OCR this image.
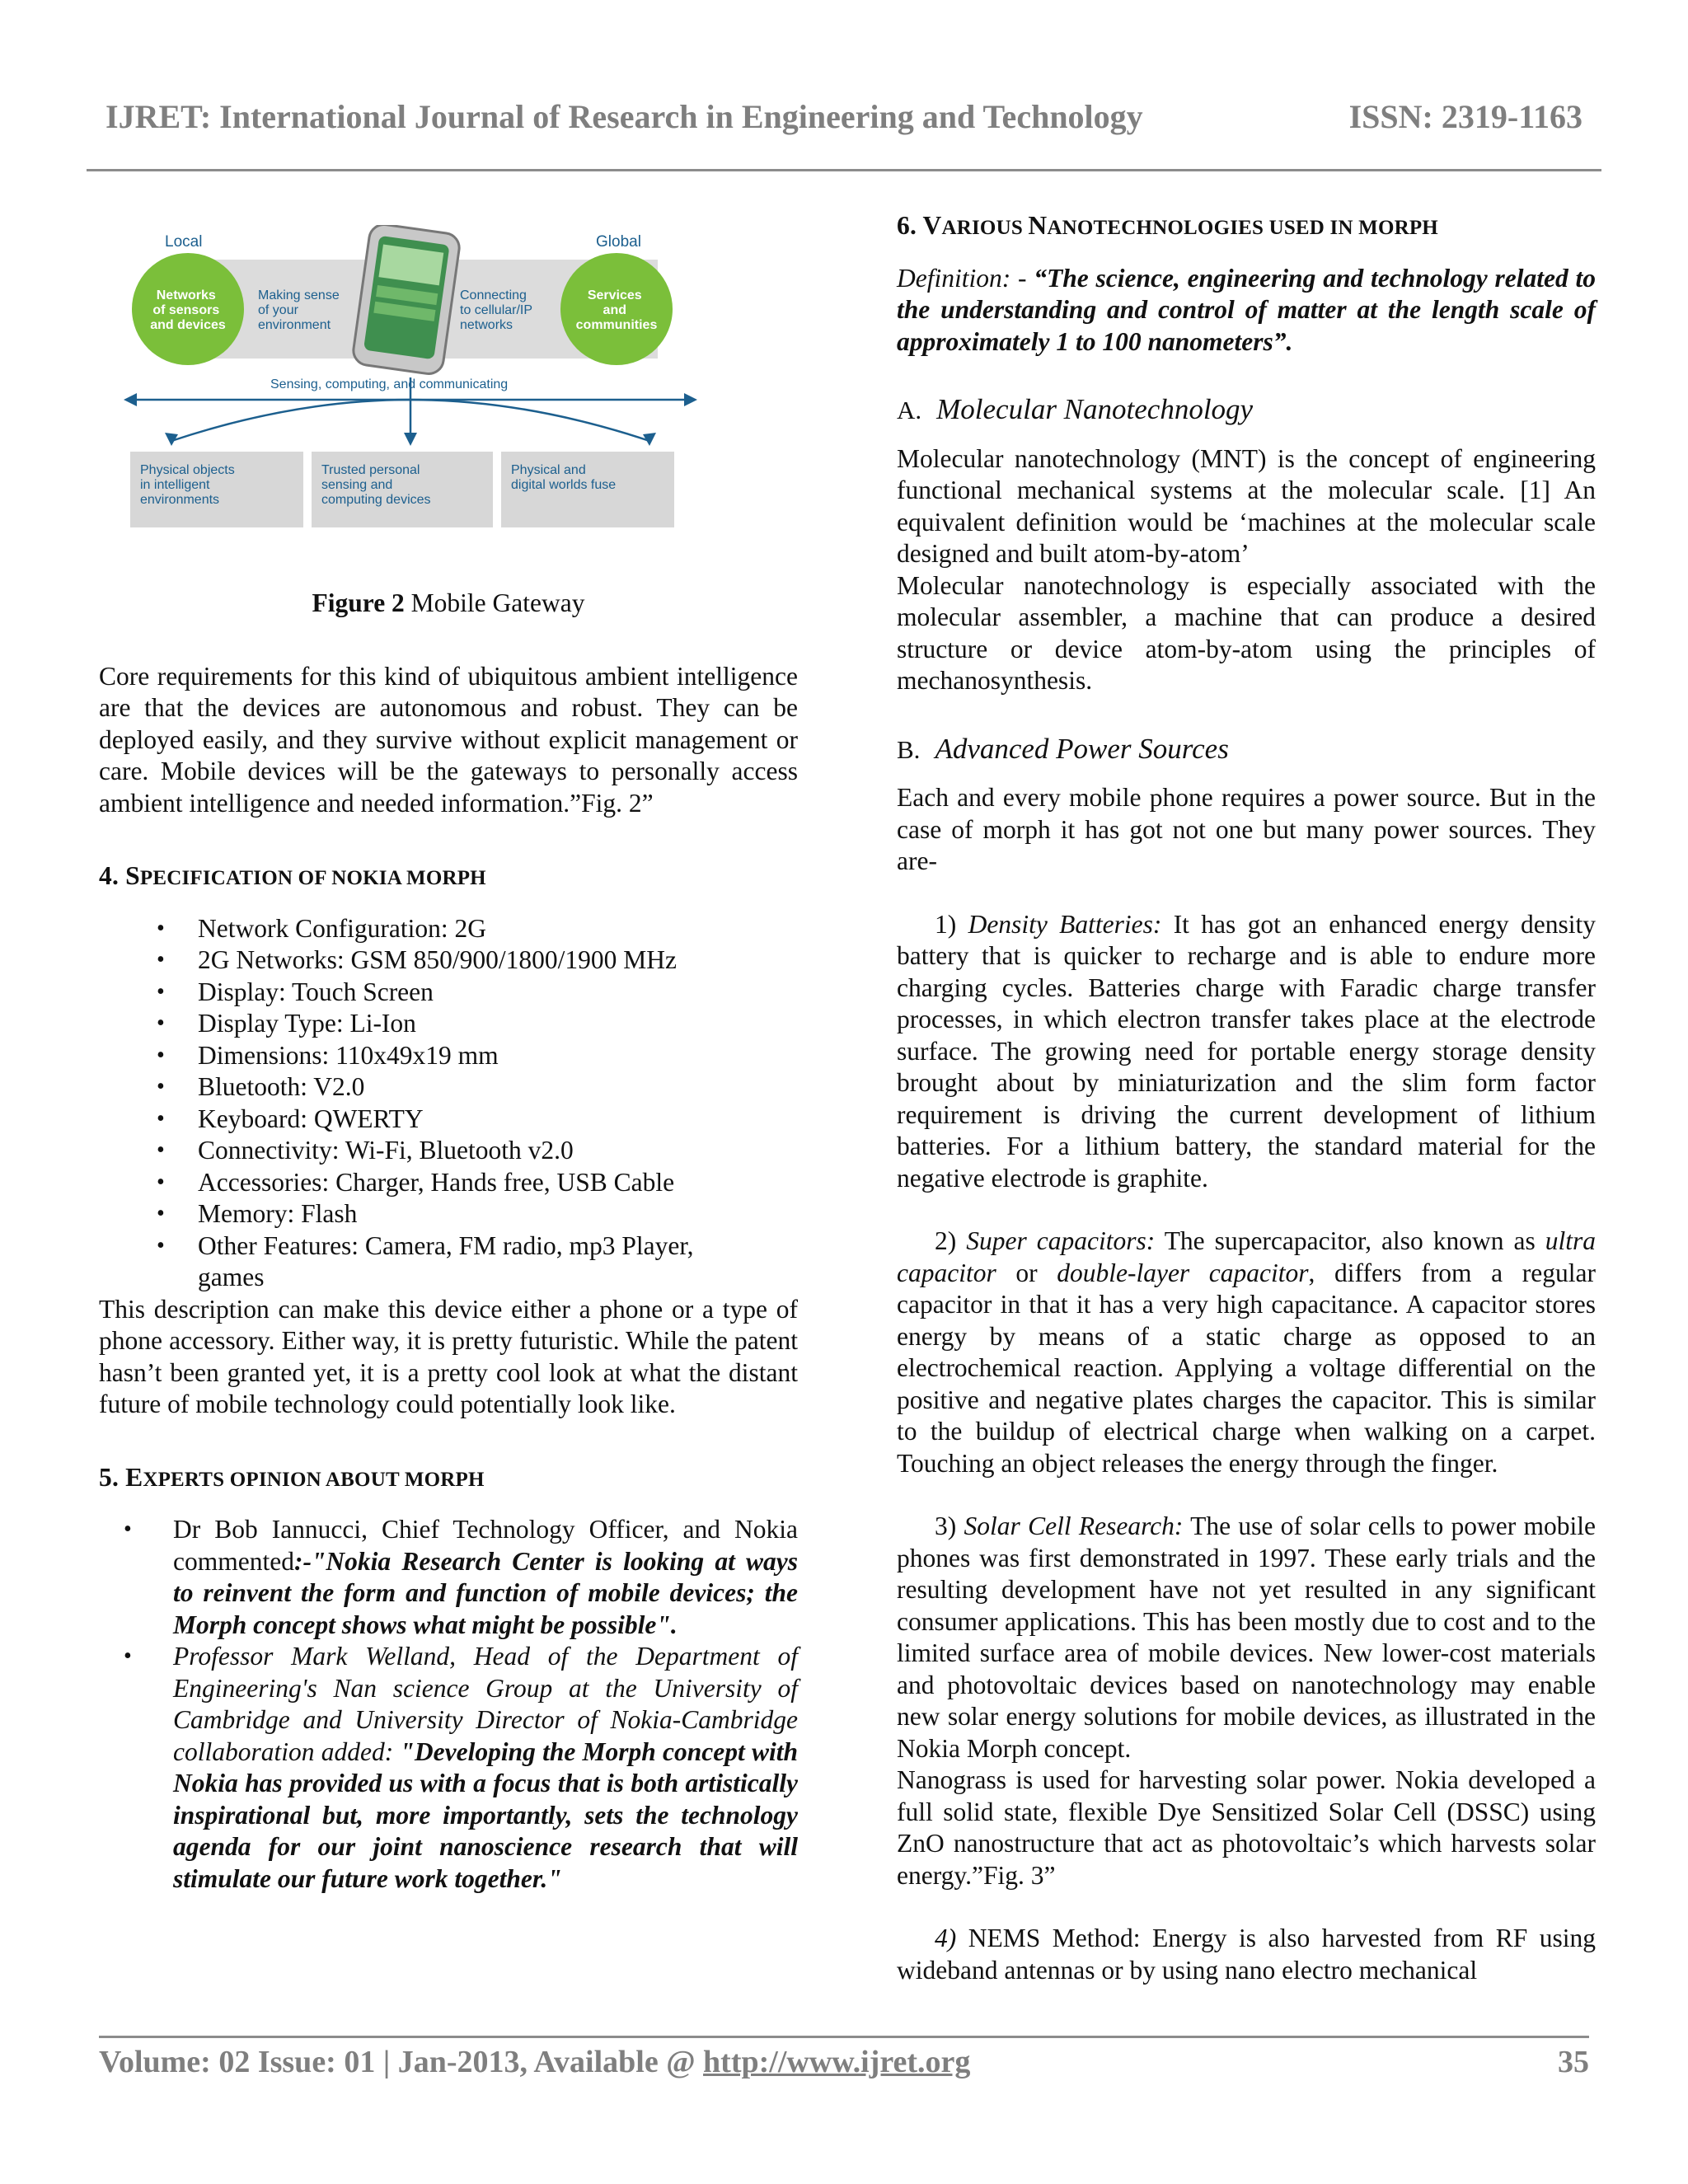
IJRET: International Journal of Research in Engineering and Technology	ISSN: 2319-1163
Local	Global
Networks of sensors and devices
Services and communities
Making sense of your environment
Connecting to cellular/IP networks
Sensing, computing, and communicating
Physical objects in intelligent environments
Trusted personal sensing and computing devices
Physical and digital worlds fuse

Figure 2 Mobile Gateway

Core requirements for this kind of ubiquitous ambient intelligence are that the devices are autonomous and robust. They can be deployed easily, and they survive without explicit management or care. Mobile devices will be the gateways to personally access ambient intelligence and needed information.”Fig. 2”

4. SPECIFICATION OF NOKIA MORPH
• Network Configuration: 2G
• 2G Networks: GSM 850/900/1800/1900 MHz
• Display: Touch Screen
• Display Type: Li-Ion
• Dimensions: 110x49x19 mm
• Bluetooth: V2.0
• Keyboard: QWERTY
• Connectivity: Wi-Fi, Bluetooth v2.0
• Accessories: Charger, Hands free, USB Cable
• Memory: Flash
• Other Features: Camera, FM radio, mp3 Player, games

This description can make this device either a phone or a type of phone accessory. Either way, it is pretty futuristic. While the patent hasn’t been granted yet, it is a pretty cool look at what the distant future of mobile technology could potentially look like.

5. EXPERTS OPINION ABOUT MORPH
• Dr Bob Iannucci, Chief Technology Officer, and Nokia commented:-"Nokia Research Center is looking at ways to reinvent the form and function of mobile devices; the Morph concept shows what might be possible".
• Professor Mark Welland, Head of the Department of Engineering's Nan science Group at the University of Cambridge and University Director of Nokia-Cambridge collaboration added: "Developing the Morph concept with Nokia has provided us with a focus that is both artistically inspirational but, more importantly, sets the technology agenda for our joint nanoscience research that will stimulate our future work together."
6. VARIOUS NANOTECHNOLOGIES USED IN MORPH

Definition: - “The science, engineering and technology related to the understanding and control of matter at the length scale of approximately 1 to 100 nanometers”.

A. Molecular Nanotechnology

Molecular nanotechnology (MNT) is the concept of engineering functional mechanical systems at the molecular scale. [1] An equivalent definition would be ‘machines at the molecular scale designed and built atom-by-atom’

Molecular nanotechnology is especially associated with the molecular assembler, a machine that can produce a desired structure or device atom-by-atom using the principles of mechanosynthesis.

B. Advanced Power Sources

Each and every mobile phone requires a power source. But in the case of morph it has got not one but many power sources. They are-

1) Density Batteries: It has got an enhanced energy density battery that is quicker to recharge and is able to endure more charging cycles. Batteries charge with Faradic charge transfer processes, in which electron transfer takes place at the electrode surface. The growing need for portable energy storage density brought about by miniaturization and the slim form factor requirement is driving the current development of lithium batteries. For a lithium battery, the standard material for the negative electrode is graphite.

2) Super capacitors: The supercapacitor, also known as ultra capacitor or double-layer capacitor, differs from a regular capacitor in that it has a very high capacitance. A capacitor stores energy by means of a static charge as opposed to an electrochemical reaction. Applying a voltage differential on the positive and negative plates charges the capacitor. This is similar to the buildup of electrical charge when walking on a carpet. Touching an object releases the energy through the finger.

3) Solar Cell Research: The use of solar cells to power mobile phones was first demonstrated in 1997. These early trials and the resulting development have not yet resulted in any significant consumer applications. This has been mostly due to cost and to the limited surface area of mobile devices. New lower-cost materials and photovoltaic devices based on nanotechnology may enable new solar energy solutions for mobile devices, as illustrated in the Nokia Morph concept.

Nanograss is used for harvesting solar power. Nokia developed a full solid state, flexible Dye Sensitized Solar Cell (DSSC) using ZnO nanostructure that act as photovoltaic’s which harvests solar energy.”Fig. 3”

4) NEMS Method: Energy is also harvested from RF using wideband antennas or by using nano electro mechanical

Volume: 02 Issue: 01 | Jan-2013, Available @ http://www.ijret.org	35
